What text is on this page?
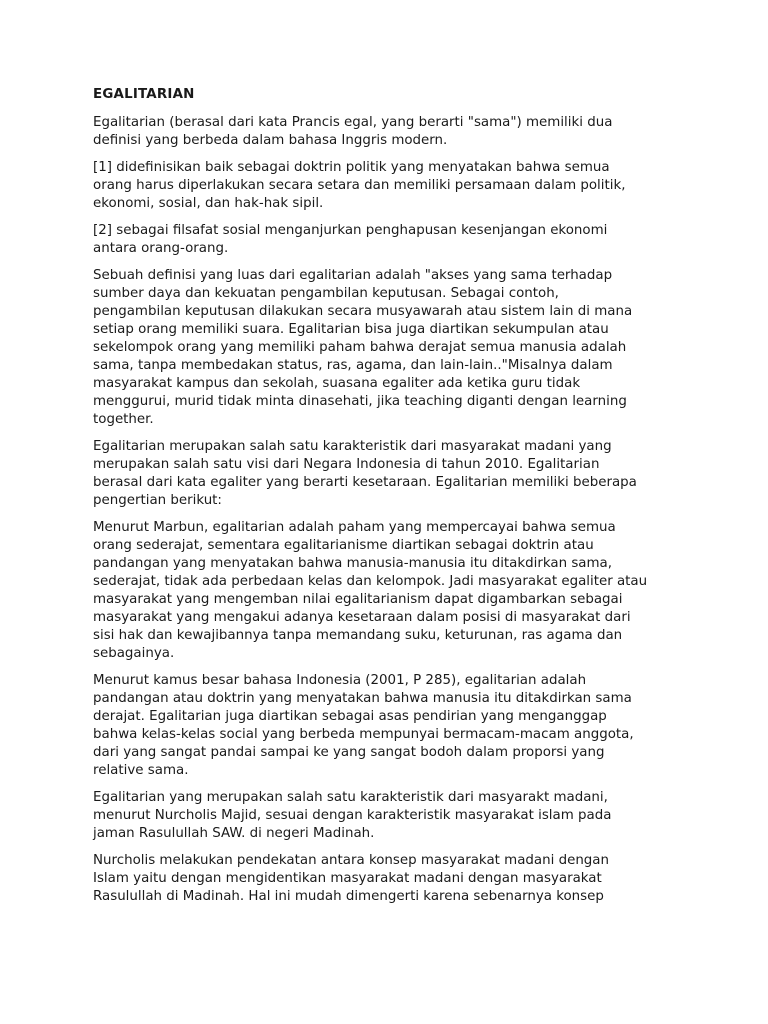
EGALITARIAN
Egalitarian (berasal dari kata Prancis egal, yang berarti "sama") memiliki dua
definisi yang berbeda dalam bahasa Inggris modern.
[1] didefinisikan baik sebagai doktrin politik yang menyatakan bahwa semua
orang harus diperlakukan secara setara dan memiliki persamaan dalam politik,
ekonomi, sosial, dan hak-hak sipil.
[2] sebagai filsafat sosial menganjurkan penghapusan kesenjangan ekonomi
antara orang-orang.
Sebuah definisi yang luas dari egalitarian adalah "akses yang sama terhadap
sumber daya dan kekuatan pengambilan keputusan. Sebagai contoh,
pengambilan keputusan dilakukan secara musyawarah atau sistem lain di mana
setiap orang memiliki suara. Egalitarian bisa juga diartikan sekumpulan atau
sekelompok orang yang memiliki paham bahwa derajat semua manusia adalah
sama, tanpa membedakan status, ras, agama, dan lain-lain.."Misalnya dalam
masyarakat kampus dan sekolah, suasana egaliter ada ketika guru tidak
menggurui, murid tidak minta dinasehati, jika teaching diganti dengan learning
together.
Egalitarian merupakan salah satu karakteristik dari masyarakat madani yang
merupakan salah satu visi dari Negara Indonesia di tahun 2010. Egalitarian
berasal dari kata egaliter yang berarti kesetaraan. Egalitarian memiliki beberapa
pengertian berikut:
Menurut Marbun, egalitarian adalah paham yang mempercayai bahwa semua
orang sederajat, sementara egalitarianisme diartikan sebagai doktrin atau
pandangan yang menyatakan bahwa manusia-manusia itu ditakdirkan sama,
sederajat, tidak ada perbedaan kelas dan kelompok. Jadi masyarakat egaliter atau
masyarakat yang mengemban nilai egalitarianism dapat digambarkan sebagai
masyarakat yang mengakui adanya kesetaraan dalam posisi di masyarakat dari
sisi hak dan kewajibannya tanpa memandang suku, keturunan, ras agama dan
sebagainya.
Menurut kamus besar bahasa Indonesia (2001, P 285), egalitarian adalah
pandangan atau doktrin yang menyatakan bahwa manusia itu ditakdirkan sama
derajat. Egalitarian juga diartikan sebagai asas pendirian yang menganggap
bahwa kelas-kelas social yang berbeda mempunyai bermacam-macam anggota,
dari yang sangat pandai sampai ke yang sangat bodoh dalam proporsi yang
relative sama.
Egalitarian yang merupakan salah satu karakteristik dari masyarakt madani,
menurut Nurcholis Majid, sesuai dengan karakteristik masyarakat islam pada
jaman Rasulullah SAW. di negeri Madinah.
Nurcholis melakukan pendekatan antara konsep masyarakat madani dengan
Islam yaitu dengan mengidentikan masyarakat madani dengan masyarakat
Rasulullah di Madinah. Hal ini mudah dimengerti karena sebenarnya konsep
